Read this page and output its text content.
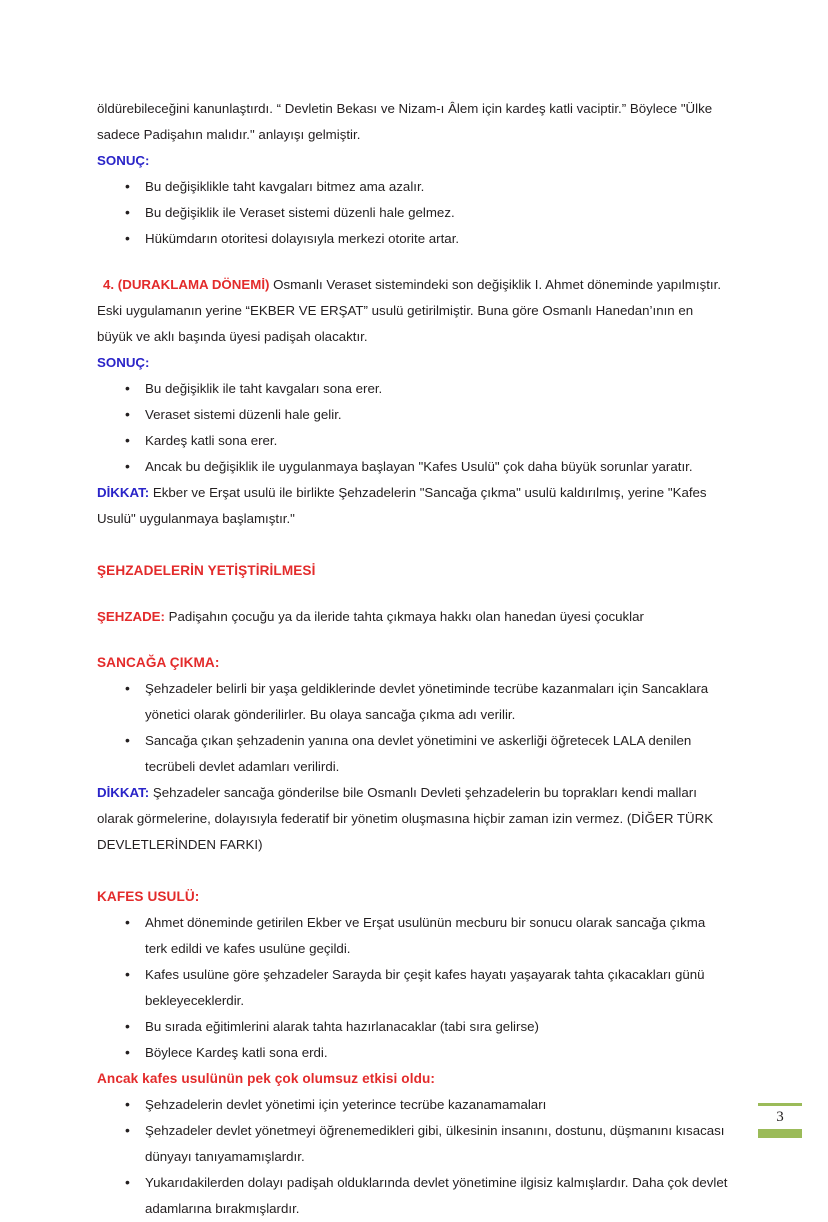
öldürebileceğini kanunlaştırdı. “ Devletin Bekası ve Nizam-ı Âlem için kardeş katli vaciptir.” Böylece "Ülke sadece Padişahın malıdır." anlayışı gelmiştir.

SONUÇ:
• Bu değişiklikle taht kavgaları bitmez ama azalır.
• Bu değişiklik ile Veraset sistemi düzenli hale gelmez.
• Hükümdarın otoritesi dolayısıyla merkezi otorite artar.

4. (DURAKLAMA DÖNEMİ) Osmanlı Veraset sistemindeki son değişiklik I. Ahmet döneminde yapılmıştır. Eski uygulamanın yerine “EKBER VE ERŞAT” usulü getirilmiştir. Buna göre Osmanlı Hanedan’ının en büyük ve aklı başında üyesi padişah olacaktır.

SONUÇ:
• Bu değişiklik ile taht kavgaları sona erer.
• Veraset sistemi düzenli hale gelir.
• Kardeş katli sona erer.
• Ancak bu değişiklik ile uygulanmaya başlayan "Kafes Usulü" çok daha büyük sorunlar yaratır.

DİKKAT: Ekber ve Erşat usulü ile birlikte Şehzadelerin "Sancağa çıkma" usulü kaldırılmış, yerine "Kafes Usulü" uygulanmaya başlamıştır."

ŞEHZADELERİN YETİŞTİRİLMESİ

ŞEHZADE: Padişahın çocuğu ya da ileride tahta çıkmaya hakkı olan hanedan üyesi çocuklar

SANCAĞA ÇIKMA:
• Şehzadeler belirli bir yaşa geldiklerinde devlet yönetiminde tecrübe kazanmaları için Sancaklara yönetici olarak gönderilirler. Bu olaya sancağa çıkma adı verilir.
• Sancağa çıkan şehzadenin yanına ona devlet yönetimini ve askerliği öğretecek LALA denilen tecrübeli devlet adamları verilirdi.

DİKKAT: Şehzadeler sancağa gönderilse bile Osmanlı Devleti şehzadelerin bu toprakları kendi malları olarak görmelerine, dolayısıyla federatif bir yönetim oluşmasına hiçbir zaman izin vermez. (DİĞER TÜRK DEVLETLERİNDEN FARKI)

KAFES USULÜ:
• Ahmet döneminde getirilen Ekber ve Erşat usulünün mecburu bir sonucu olarak sancağa çıkma terk edildi ve kafes usulüne geçildi.
• Kafes usulüne göre şehzadeler Sarayda bir çeşit kafes hayatı yaşayarak tahta çıkacakları günü bekleyeceklerdir.
• Bu sırada eğitimlerini alarak tahta hazırlanacaklar (tabi sıra gelirse)
• Böylece Kardeş katli sona erdi.
Ancak kafes usulünün pek çok olumsuz etkisi oldu:
• Şehzadelerin devlet yönetimi için yeterince tecrübe kazanamamaları
• Şehzadeler devlet yönetmeyi öğrenemedikleri gibi, ülkesinin insanını, dostunu, düşmanını kısacası dünyayı tanıyamamışlardır.
• Yukarıdakilerden dolayı padişah olduklarında devlet yönetimine ilgisiz kalmışlardır. Daha çok devlet adamlarına bırakmışlardır.
3
